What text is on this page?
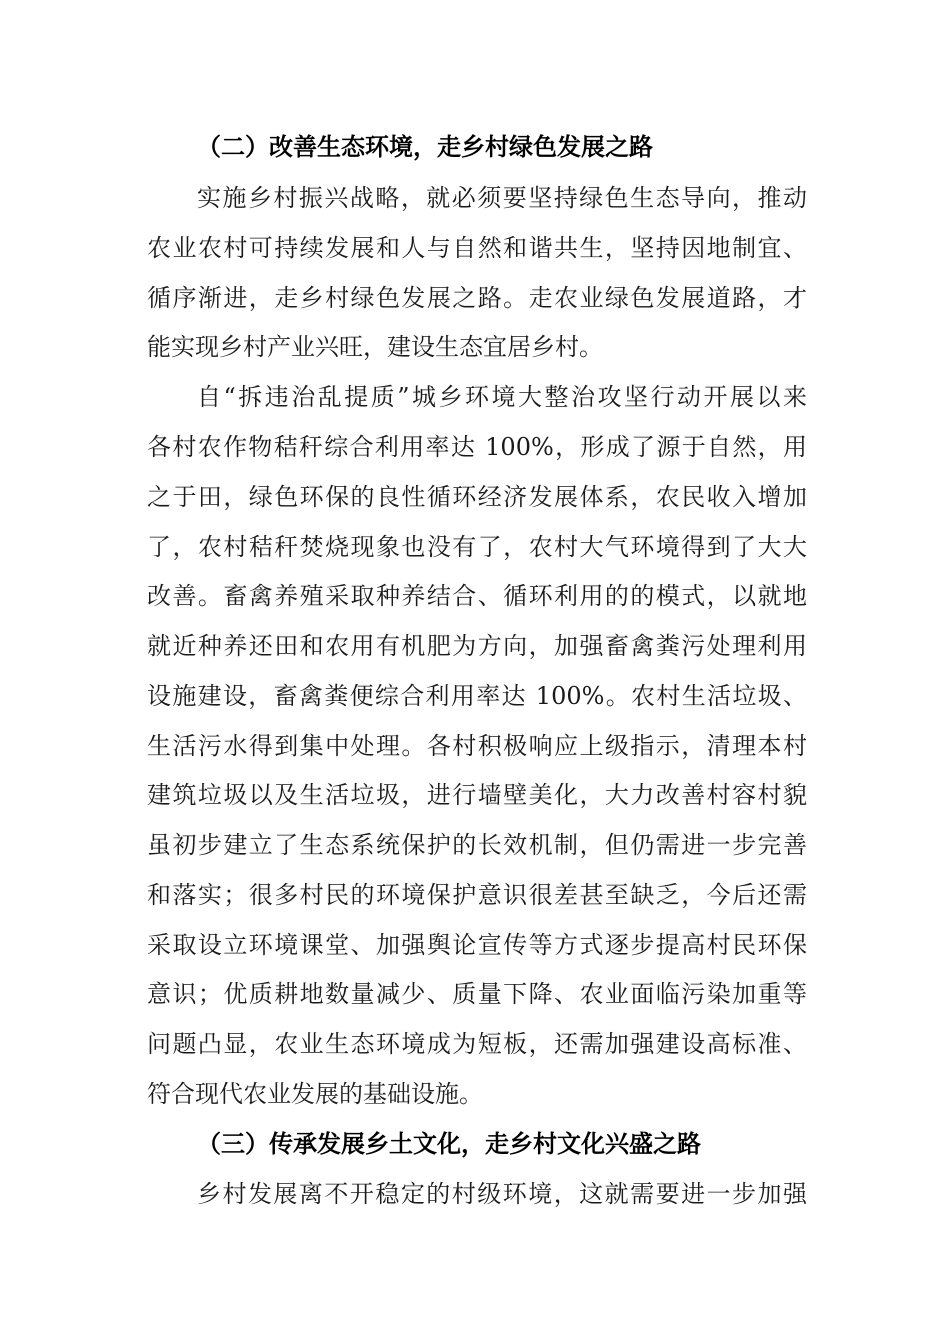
（二）改善生态环境，走乡村绿色发展之路
实施乡村振兴战略，就必须要坚持绿色生态导向，推动
农业农村可持续发展和人与自然和谐共生，坚持因地制宜、
循序渐进，走乡村绿色发展之路。走农业绿色发展道路，才
能实现乡村产业兴旺，建设生态宜居乡村。
自“拆违治乱提质”城乡环境大整治攻坚行动开展以来
各村农作物秸秆综合利用率达 100%，形成了源于自然，用
之于田，绿色环保的良性循环经济发展体系，农民收入增加
了，农村秸秆焚烧现象也没有了，农村大气环境得到了大大
改善。畜禽养殖采取种养结合、循环利用的的模式，以就地
就近种养还田和农用有机肥为方向，加强畜禽粪污处理利用
设施建设，畜禽粪便综合利用率达 100%。农村生活垃圾、
生活污水得到集中处理。各村积极响应上级指示，清理本村
建筑垃圾以及生活垃圾，进行墙壁美化，大力改善村容村貌
虽初步建立了生态系统保护的长效机制，但仍需进一步完善
和落实；很多村民的环境保护意识很差甚至缺乏，今后还需
采取设立环境课堂、加强舆论宣传等方式逐步提高村民环保
意识；优质耕地数量减少、质量下降、农业面临污染加重等
问题凸显，农业生态环境成为短板，还需加强建设高标准、
符合现代农业发展的基础设施。
（三）传承发展乡土文化，走乡村文化兴盛之路
乡村发展离不开稳定的村级环境，这就需要进一步加强
